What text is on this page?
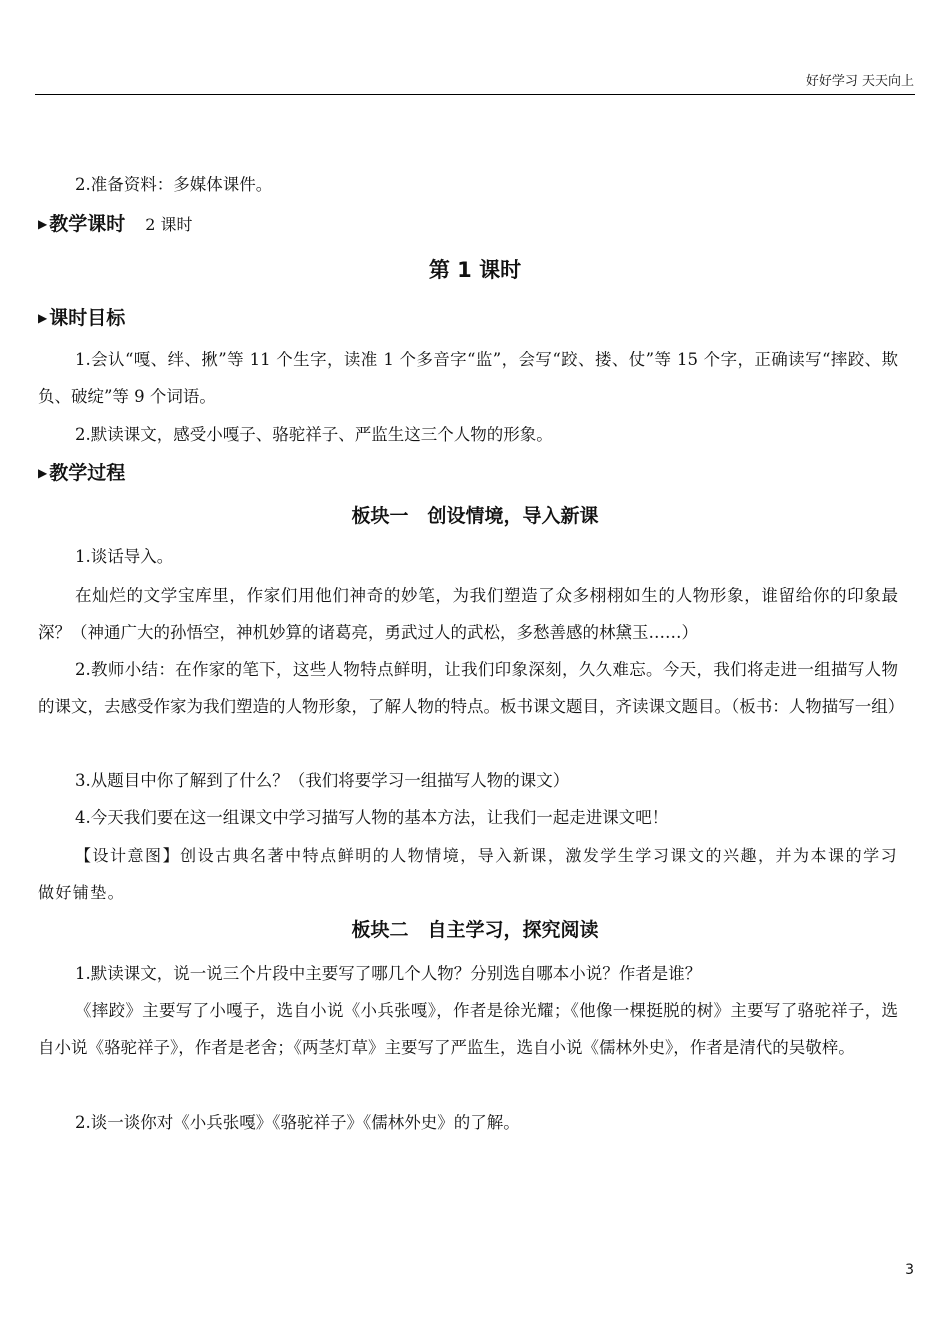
好好学习 天天向上

2.准备资料：多媒体课件。

▶ 教学课时 2 课时
第 1 课时
▶ 课时目标

1.会认“嘎、绊、揪”等 11 个生字，读准 1 个多音字“监”，会写“跤、搂、仗”等 15 个字，正确读写“摔跤、欺负、破绽”等 9 个词语。

2.默读课文，感受小嘎子、骆驼祥子、严监生这三个人物的形象。

▶ 教学过程
板块一　创设情境，导入新课

1.谈话导入。

在灿烂的文学宝库里，作家们用他们神奇的妙笔，为我们塑造了众多栩栩如生的人物形象，谁留给你的印象最深？（神通广大的孙悟空，神机妙算的诸葛亮，勇武过人的武松，多愁善感的林黛玉……）

2.教师小结：在作家的笔下，这些人物特点鲜明，让我们印象深刻，久久难忘。今天，我们将走进一组描写人物的课文，去感受作家为我们塑造的人物形象，了解人物的特点。板书课文题目，齐读课文题目。（板书：人物描写一组）

3.从题目中你了解到了什么？（我们将要学习一组描写人物的课文）

4.今天我们要在这一组课文中学习描写人物的基本方法，让我们一起走进课文吧！

【设计意图】创设古典名著中特点鲜明的人物情境，导入新课，激发学生学习课文的兴趣，并为本课的学习做好铺垫。

板块二　自主学习，探究阅读

1.默读课文，说一说三个片段中主要写了哪几个人物？分别选自哪本小说？作者是谁？

《摔跤》主要写了小嘎子，选自小说《小兵张嘎》，作者是徐光耀；《他像一棵挺脱的树》主要写了骆驼祥子，选自小说《骆驼祥子》，作者是老舍；《两茎灯草》主要写了严监生，选自小说《儒林外史》，作者是清代的吴敬梓。

2.谈一谈你对《小兵张嘎》《骆驼祥子》《儒林外史》的了解。

3
